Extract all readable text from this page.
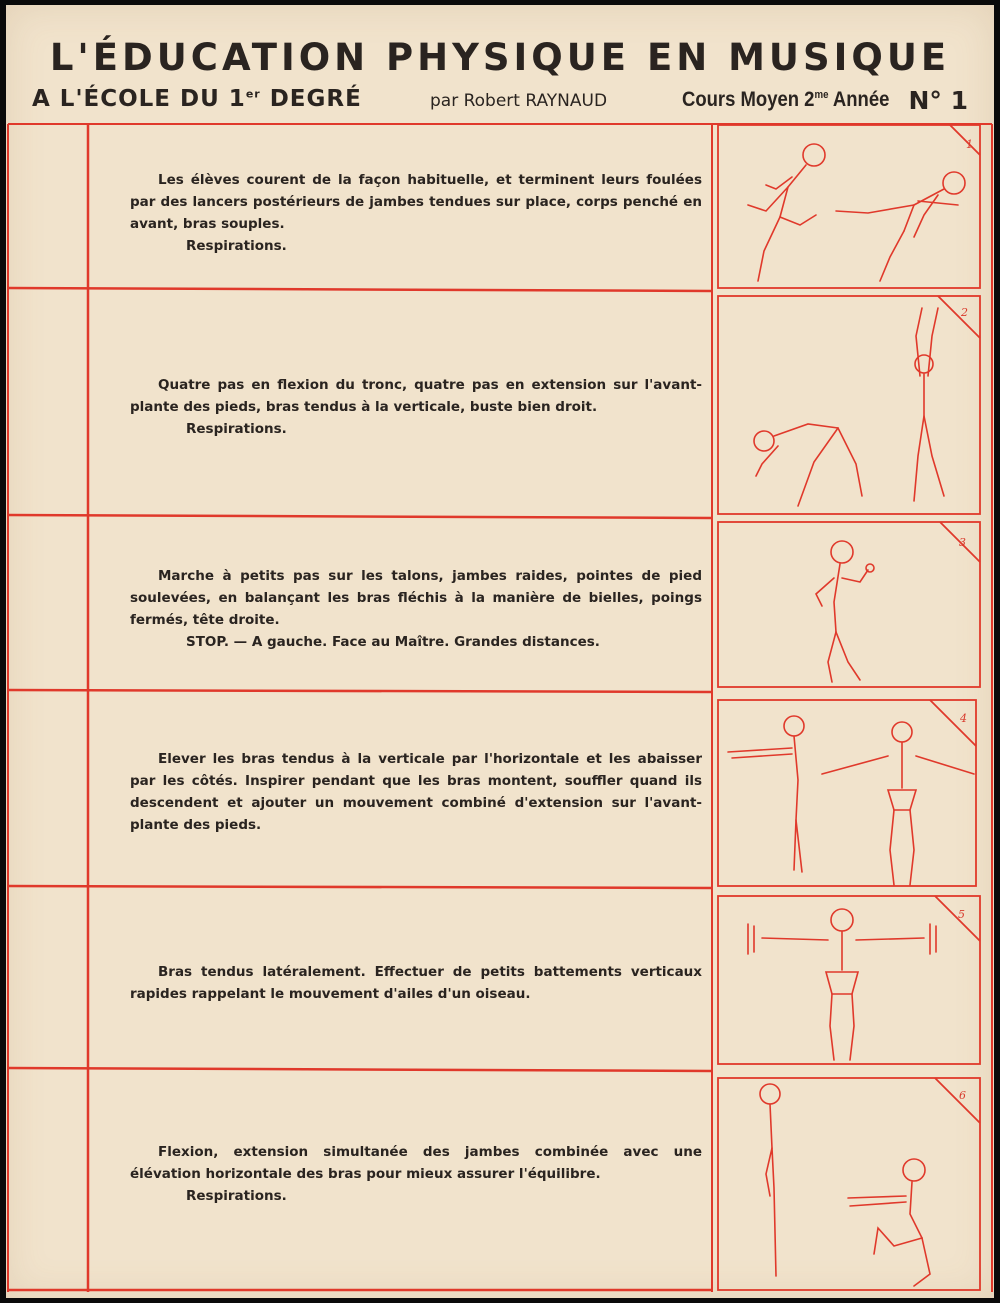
L'ÉDUCATION PHYSIQUE EN MUSIQUE
A L'ÉCOLE DU 1er DEGRÉ	par Robert RAYNAUD	Cours Moyen $2^{me}$ Année N° 1
1
2
3
4
5
6

Les élèves courent de la façon habituelle, et terminent leurs foulées par des lancers postérieurs de jambes tendues sur place, corps penché en avant, bras souples.

Respirations.

Quatre pas en flexion du tronc, quatre pas en extension sur l'avant-plante des pieds, bras tendus à la verticale, buste bien droit.

Respirations.

Marche à petits pas sur les talons, jambes raides, pointes de pied soulevées, en balançant les bras fléchis à la manière de bielles, poings fermés, tête droite.

STOP. — A gauche. Face au Maître. Grandes distances.

Elever les bras tendus à la verticale par l'horizontale et les abaisser par les côtés. Inspirer pendant que les bras montent, souffler quand ils descendent et ajouter un mouvement combiné d'extension sur l'avant-plante des pieds.

Bras tendus latéralement. Effectuer de petits battements verticaux rapides rappelant le mouvement d'ailes d'un oiseau.

Flexion, extension simultanée des jambes combinée avec une élévation horizontale des bras pour mieux assurer l'équilibre.

Respirations.
